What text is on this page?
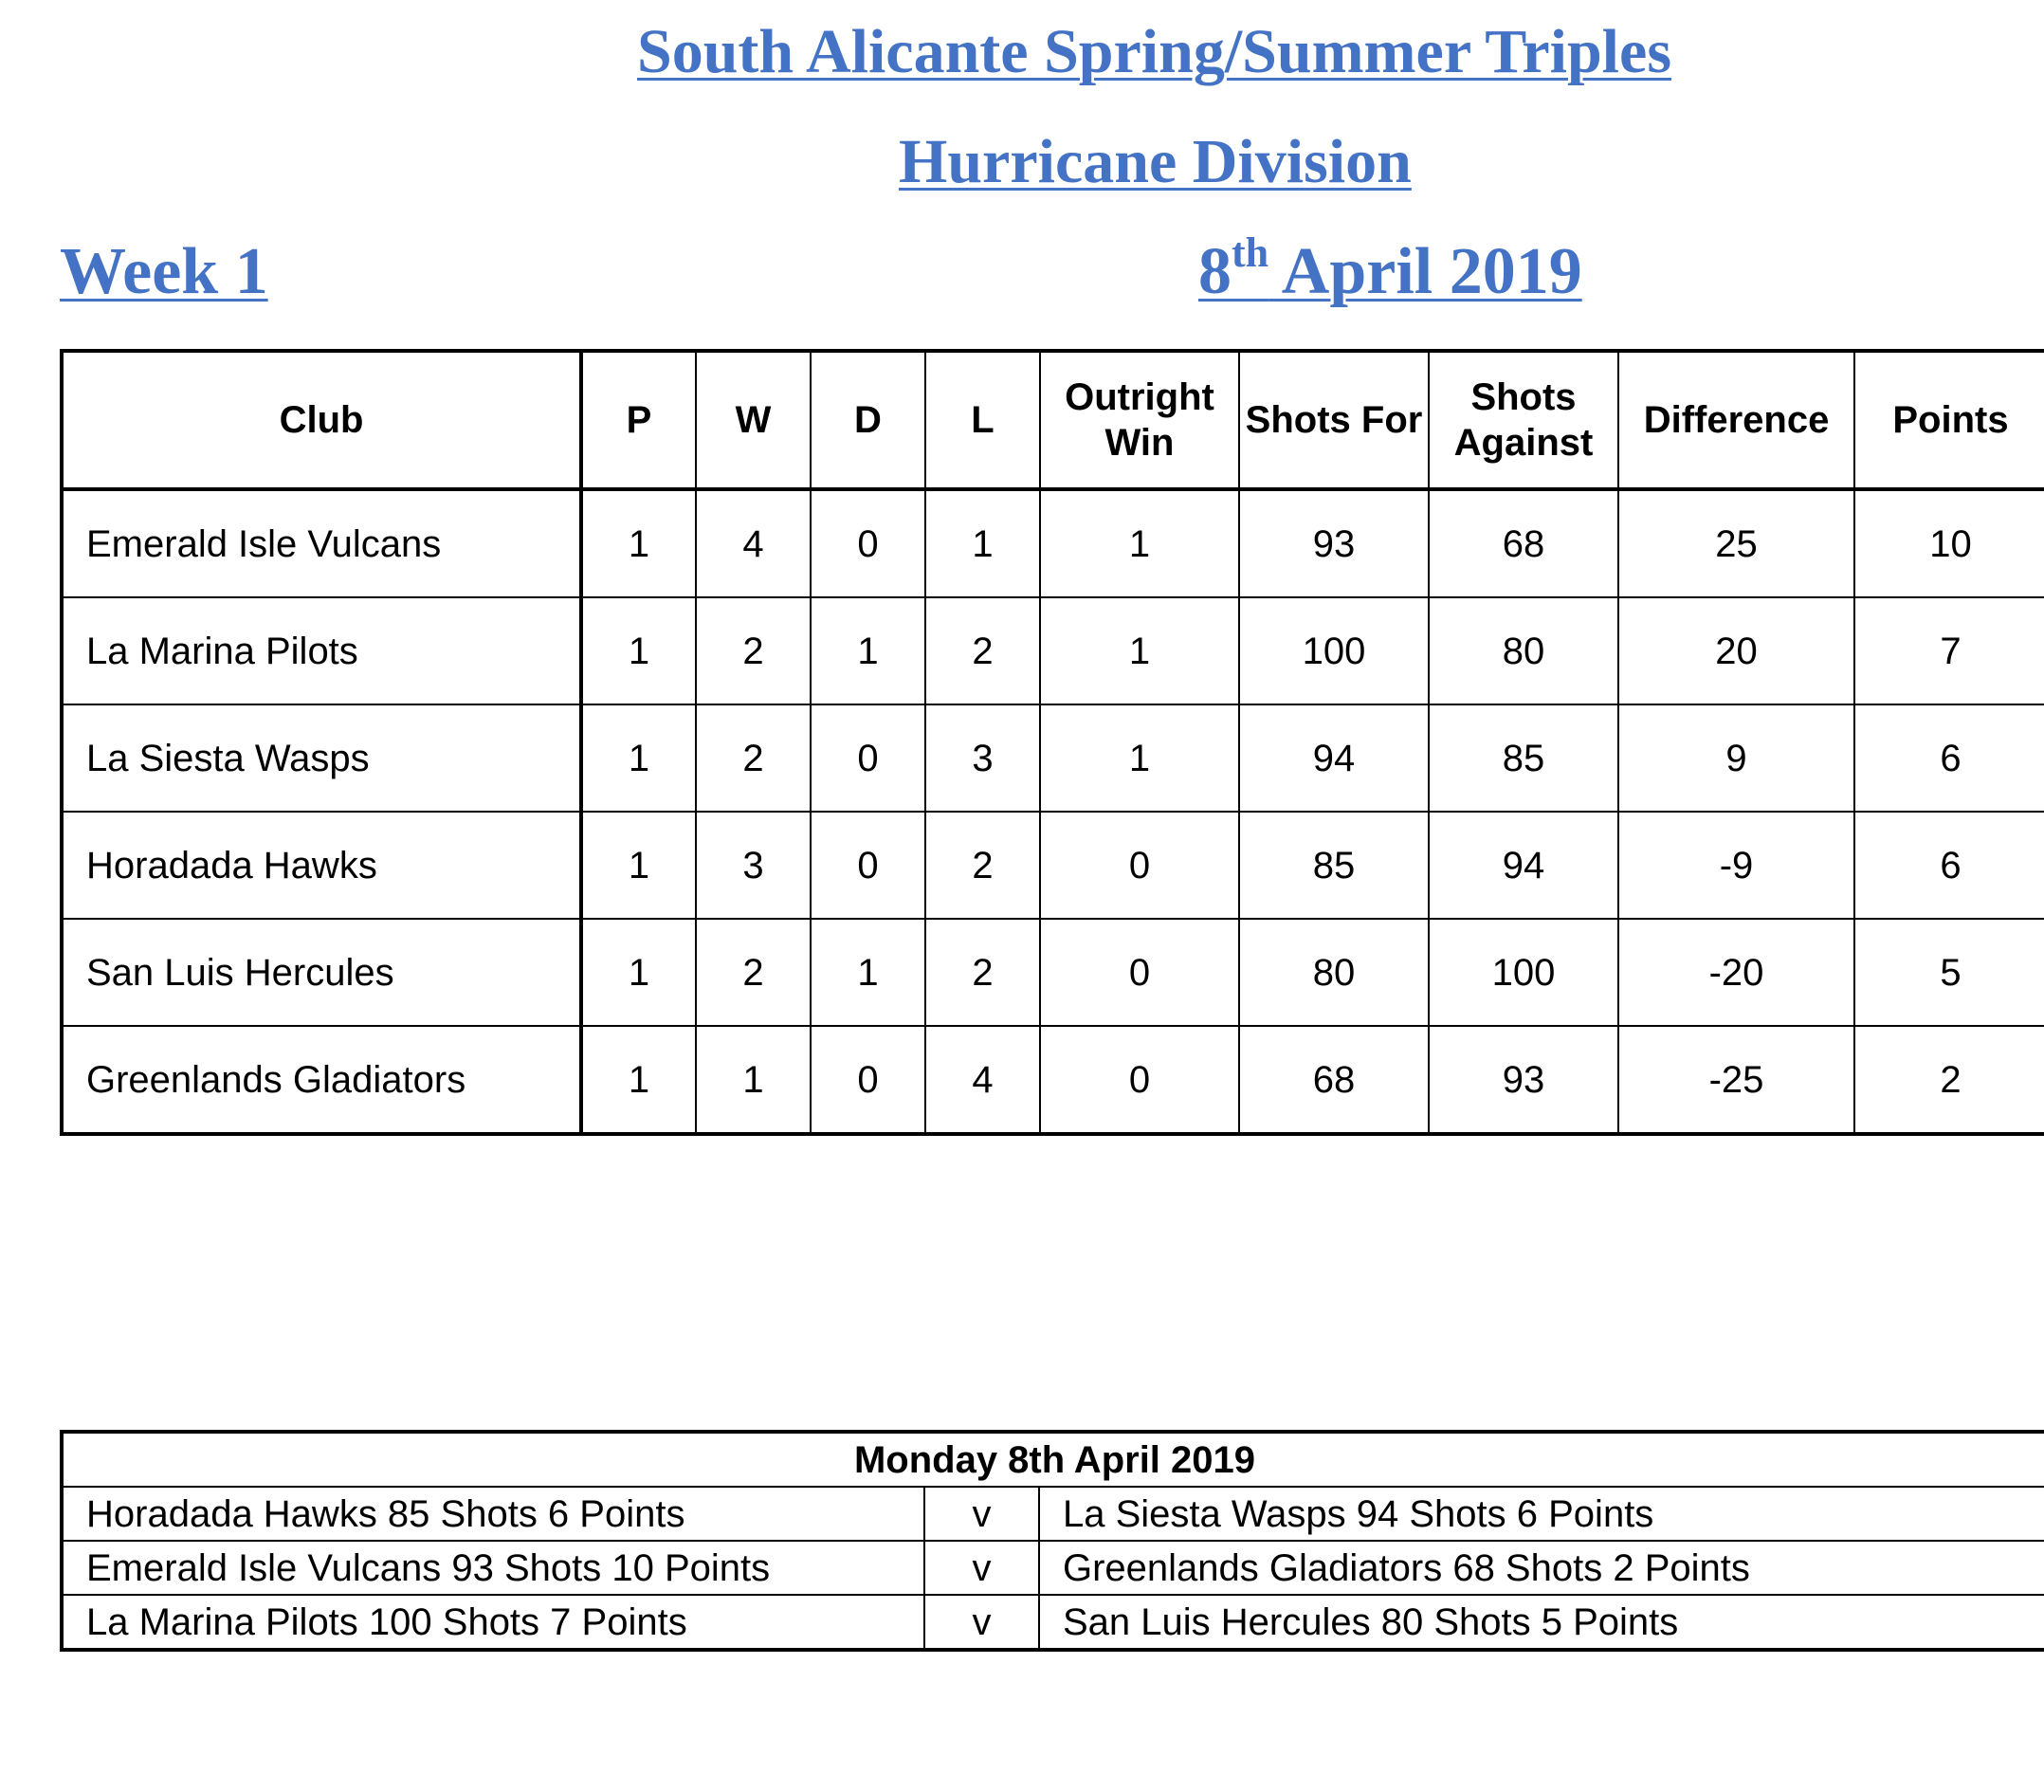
South Alicante Spring/Summer Triples
Hurricane Division
Week 1	8th April 2019
Club	P	W	D	L	Outright Win	Shots For	Shots Against	Difference	Points
Emerald Isle Vulcans	1	4	0	1	1	93	68	25	10
La Marina Pilots	1	2	1	2	1	100	80	20	7
La Siesta Wasps	1	2	0	3	1	94	85	9	6
Horadada Hawks	1	3	0	2	0	85	94	-9	6
San Luis Hercules	1	2	1	2	0	80	100	-20	5
Greenlands Gladiators	1	1	0	4	0	68	93	-25	2
Monday 8th April 2019		
Horadada Hawks 85 Shots 6 Points	v	La Siesta Wasps 94 Shots 6 Points
Emerald Isle Vulcans 93 Shots 10 Points	v	Greenlands Gladiators 68 Shots 2 Points
La Marina Pilots 100 Shots 7 Points	v	San Luis Hercules 80 Shots 5 Points
